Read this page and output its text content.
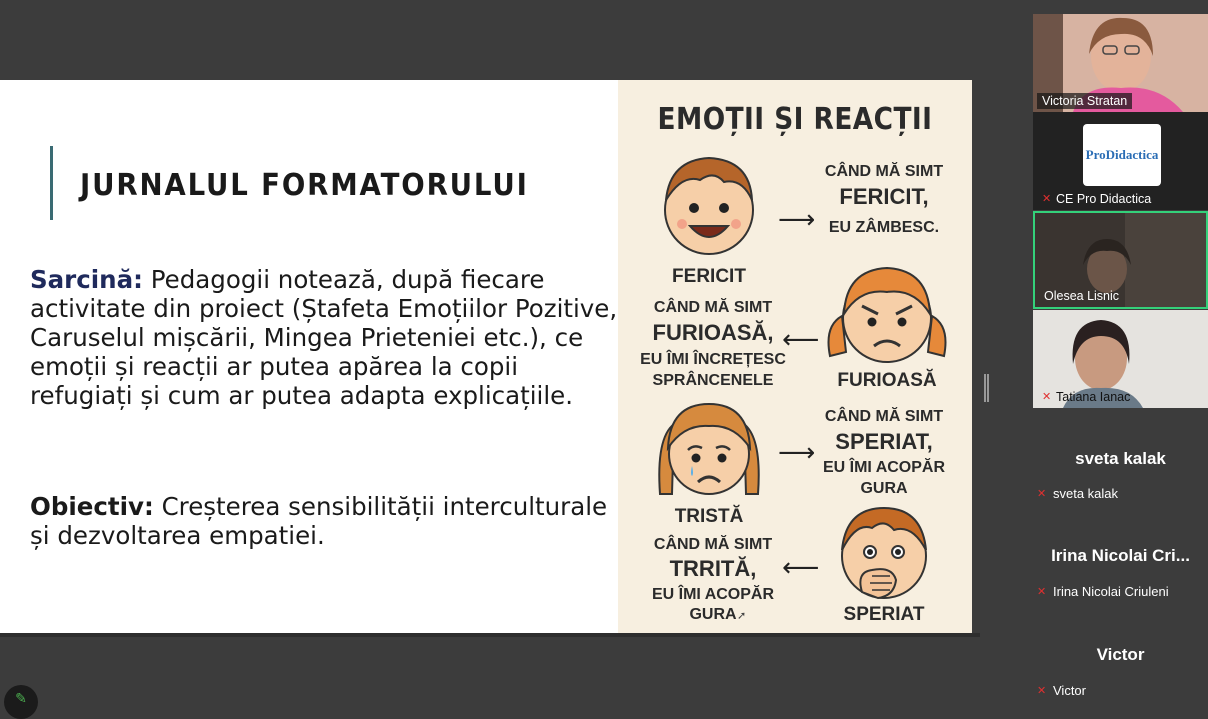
JURNALUL FORMATORULUI
Sarcină: Pedagogii notează, după fiecare activitate din proiect (Ștafeta Emoțiilor Pozitive, Caruselul mișcării, Mingea Prieteniei etc.), ce emoții și reacții ar putea apărea la copii refugiați și cum ar putea adapta explicațiile.
Obiectiv: Creșterea sensibilității interculturale și dezvoltarea empatiei.
EMOȚII ȘI REACȚII
⟶
CÂND MĂ SIMT
FERICIT,
EU ZÂMBESC.
FERICIT
CÂND MĂ SIMT
FURIOASĂ,
EU ÎMI ÎNCREȚESC
SPRÂNCENELE
⟵
FURIOASĂ
⟶
CÂND MĂ SIMT
SPERIAT,
EU ÎMI ACOPĂR
GURA
TRISTĂ
CÂND MĂ SIMT
TRRITĂ,
EU ÎMI ACOPĂR
GURA
⟵
SPERIAT
➚
Victoria Stratan
ProDidactica
✕ CE Pro Didactica
Olesea Lisnic
✕ Tatiana Ianac
sveta kalak
✕ sveta kalak
Irina Nicolai Cri...
✕ Irina Nicolai Criuleni
Victor
✕ Victor
✎
